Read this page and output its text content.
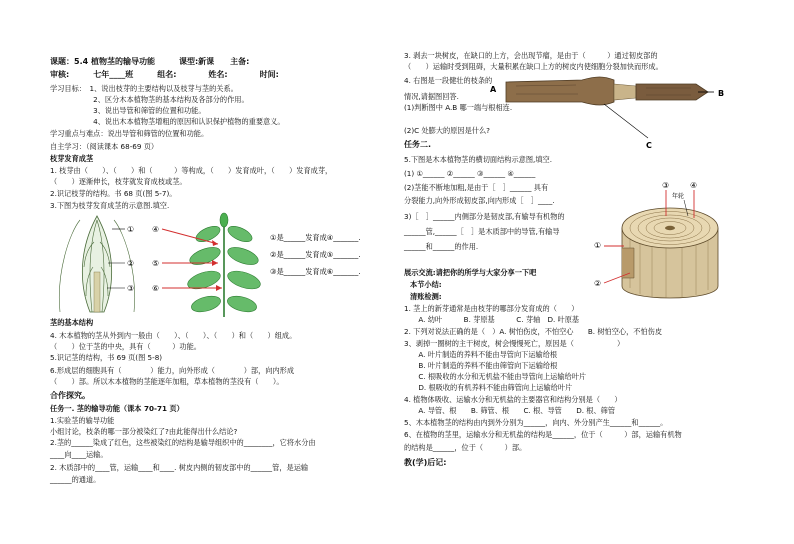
课题：5.4 植物茎的输导功能　　　课型:新课　　主备:
审核:　　　七年____班　　　组名:　　　　姓名:　　　　时间:
学习目标：　1、说出枝芽的主要结构以及枝芽与茎的关系。
　　　　　　2、区分木本植物茎的基本结构及各部分的作用。
　　　　　　3、说出导管和筛管的位置和功能。
　　　　　　4、说出木本植物茎增粗的原因和认识保护植物的重要意义。
学习重点与难点：说出导管和筛管的位置和功能。
自主学习：（阅读课本 68-69 页）
枝芽发育成茎
1. 枝芽由（　　）、（　　）和（　　　）等构成，（　　）发育成叶，（　　）发育成芽，
（　　）逐渐伸长，枝芽就发育成枝或茎。
2.识记枝芽的结构。书 68 页(图 5-7)。
3.下图为枝芽发育成茎的示意图.填空.
①
②
③
④
⑤
⑥
①是______发育成④_______.
②是______发育成⑤_______.
③是______发育成⑥_______.
茎的基本结构
4. 木本植物的茎从外到内一般由（　　）、（　　）、（　　）和（　　）组成。
（　　）位于茎的中央，具有（　　　）功能。
5.识记茎的结构，书 69 页(图 5-8)
6.形成层的细胞具有（　　　　）能力，向外形成（　　　　）部，向内形成
（　　）部。所以木本植物的茎能逐年加粗，草本植物的茎没有（　　）。
合作探究。
任务一. 茎的输导功能（课本 70-71 页）
1.实验茎的输导功能
小组讨论，枝条的哪一部分被染红了?由此能得出什么结论?
2.茎的______染成了红色，这些被染红的结构是输导组织中的________，它将水分由
____向____运输。
2. 木质部中的____管，运输____和____. 树皮内侧的韧皮部中的______管，是运输
______的通道。
3. 剥去一块树皮，在缺口的上方，会出现节瘤，是由于（　　　）通过韧皮部的
（　　）运输时受到阻碍，大量积累在缺口上方的树皮内使细胞分裂加快而形成。
4. 右图是一段健壮的枝条的
情况,请据图回答.
(1)判断图中 A.B 哪一端与根相连.
(2)C 处膨大的原因是什么?
A	B
C
任务二.
5.下图是木本植物茎的横切面结构示意图,填空.
(1) ①______ ②______ ③______ ④______
(2)茎能不断地加粗,是由于［　］______ 具有
分裂能力,向外形成韧皮部,向内形成［　］____.
3)［　］______内侧部分是韧皮部,有输导有机物的
______管,______［　］是木质部中的导管,有输导
______和______的作用.
年轮
③	④
①
②
展示交流:请把你的所学与大家分享一下吧
本节小结:
清账检测:
1. 茎上的新芽通常是由枝芽的哪部分发育成的（　　）
　　A. 幼叶　　　B. 芽原基　　　C. 芽轴　D. 叶原基
2. 下列对说法正确的是（　）A. 树怕伤皮，不怕空心　　B. 树怕空心，不怕伤皮
3、剥掉一圈树的主干树皮，树会慢慢死亡，原因是（　　　　　　）
　　A. 叶片制造的养料不能由导管向下运输给根
　　B. 叶片制造的养料不能由筛管向下运输给根
　　C. 根吸收的水分和无机盐不能由导管向上运输给叶片
　　D. 根吸收的有机养料不能由筛管向上运输给叶片
4. 植物体吸收、运输水分和无机盐的主要器官和结构分别是（　　）
　　A. 导管、根　　B. 筛管、根　　C. 根、导管　　D. 根、筛管
5、木本植物茎的结构由内到外分别为______，向内、外分别产生______和______。
6、在植物的茎里，运输水分和无机盐的结构是______，位于（　　　）部，运输有机物
的结构是______，位于（　　　）部。
教(学)后记:
